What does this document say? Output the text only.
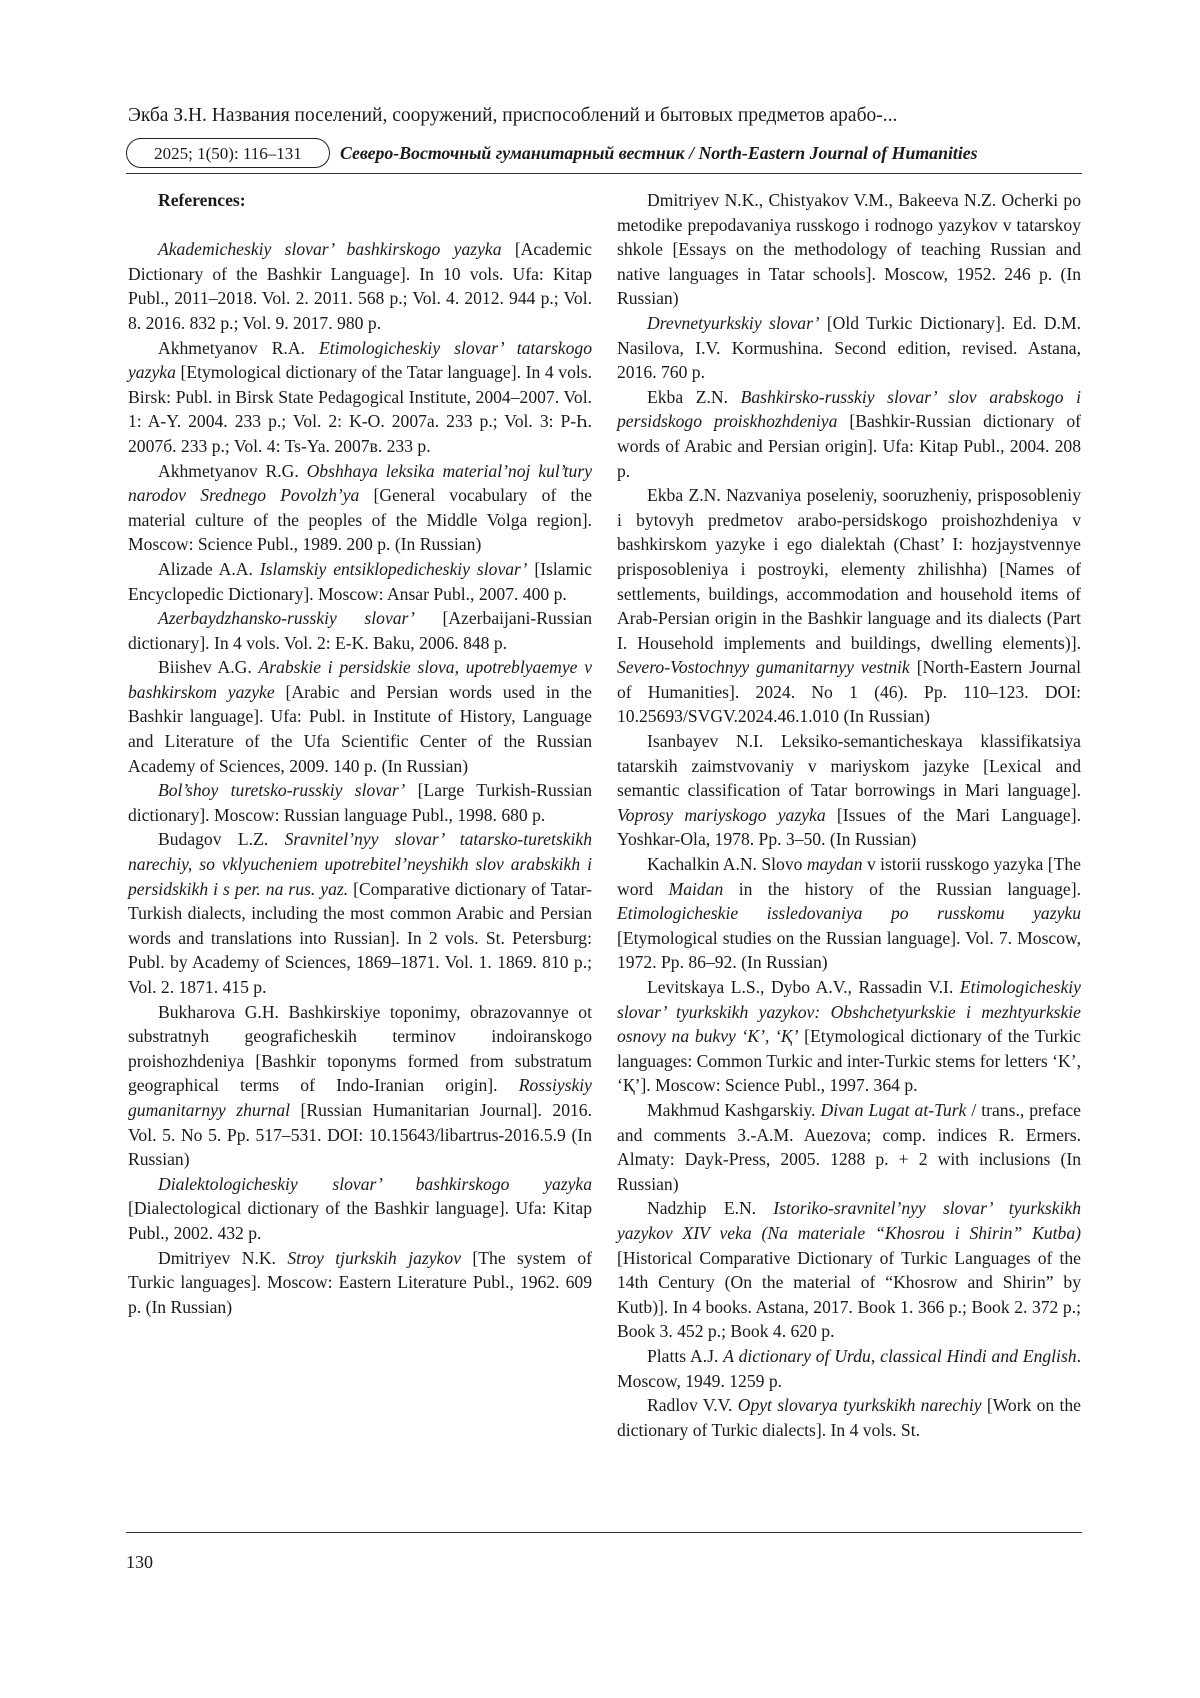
Экба З.Н. Названия поселений, сооружений, приспособлений и бытовых предметов арабо-...
2025; 1(50): 116–131	Северо-Восточный гуманитарный вестник / North-Eastern Journal of Humanities

References:

Akademicheskiy slovar’ bashkirskogo yazyka [Academic Dictionary of the Bashkir Language]. In 10 vols. Ufa: Kitap Publ., 2011–2018. Vol. 2. 2011. 568 p.; Vol. 4. 2012. 944 p.; Vol. 8. 2016. 832 p.; Vol. 9. 2017. 980 p.

Akhmetyanov R.A. Etimologicheskiy slovar’ tatarskogo yazyka [Etymological dictionary of the Tatar language]. In 4 vols. Birsk: Publ. in Birsk State Pedagogical Institute, 2004–2007. Vol. 1: A-Y. 2004. 233 p.; Vol. 2: K-O. 2007a. 233 p.; Vol. 3: P-Һ. 2007б. 233 p.; Vol. 4: Ts-Ya. 2007в. 233 p.

Akhmetyanov R.G. Obshhaya leksika material’noj kul’tury narodov Srednego Povolzh’ya [General vocabulary of the material culture of the peoples of the Middle Volga region]. Moscow: Science Publ., 1989. 200 p. (In Russian)

Alizade A.A. Islamskiy entsiklopedicheskiy slovar’ [Islamic Encyclopedic Dictionary]. Moscow: Ansar Publ., 2007. 400 p.

Azerbaydzhansko-russkiy slovar’ [Azerbaijani-Russian dictionary]. In 4 vols. Vol. 2: E-K. Baku, 2006. 848 p.

Biishev A.G. Arabskie i persidskie slova, upotreblyaemye v bashkirskom yazyke [Arabic and Persian words used in the Bashkir language]. Ufa: Publ. in Institute of History, Language and Literature of the Ufa Scientific Center of the Russian Academy of Sciences, 2009. 140 p. (In Russian)

Bol’shoy turetsko-russkiy slovar’ [Large Turkish-Russian dictionary]. Moscow: Russian language Publ., 1998. 680 p.

Budagov L.Z. Sravnitel’nyy slovar’ tatarsko-turetskikh narechiy, so vklyucheniem upotrebitel’neyshikh slov arabskikh i persidskikh i s per. na rus. yaz. [Comparative dictionary of Tatar-Turkish dialects, including the most common Arabic and Persian words and translations into Russian]. In 2 vols. St. Petersburg: Publ. by Academy of Sciences, 1869–1871. Vol. 1. 1869. 810 p.; Vol. 2. 1871. 415 p.

Bukharova G.H. Bashkirskiye toponimy, obrazovannye ot substratnyh geograficheskih terminov indoiranskogo proishozhdeniya [Bashkir toponyms formed from substratum geographical terms of Indo-Iranian origin]. Rossiyskiy gumanitarnyy zhurnal [Russian Humanitarian Journal]. 2016. Vol. 5. No 5. Pp. 517–531. DOI: 10.15643/libartrus-2016.5.9 (In Russian)

Dialektologicheskiy slovar’ bashkirskogo yazyka [Dialectological dictionary of the Bashkir language]. Ufa: Kitap Publ., 2002. 432 p.

Dmitriyev N.K. Stroy tjurkskih jazykov [The system of Turkic languages]. Moscow: Eastern Literature Publ., 1962. 609 p. (In Russian)

Dmitriyev N.K., Chistyakov V.M., Bakeeva N.Z. Ocherki po metodike prepodavaniya russkogo i rodnogo yazykov v tatarskoy shkole [Essays on the methodology of teaching Russian and native languages in Tatar schools]. Moscow, 1952. 246 p. (In Russian)

Drevnetyurkskiy slovar’ [Old Turkic Dictionary]. Ed. D.M. Nasilova, I.V. Kormushina. Second edition, revised. Astana, 2016. 760 p.

Ekba Z.N. Bashkirsko-russkiy slovar’ slov arabskogo i persidskogo proiskhozhdeniya [Bashkir-Russian dictionary of words of Arabic and Persian origin]. Ufa: Kitap Publ., 2004. 208 p.

Ekba Z.N. Nazvaniya poseleniy, sooruzheniy, prisposobleniy i bytovyh predmetov arabo-persidskogo proishozhdeniya v bashkirskom yazyke i ego dialektah (Chast’ I: hozjaystvennye prisposobleniya i postroyki, elementy zhilishha) [Names of settlements, buildings, accommodation and household items of Arab-Persian origin in the Bashkir language and its dialects (Part I. Household implements and buildings, dwelling elements)]. Severo-Vostochnyy gumanitarnyy vestnik [North-Eastern Journal of Humanities]. 2024. No 1 (46). Pp. 110–123. DOI: 10.25693/SVGV.2024.46.1.010 (In Russian)

Isanbayev N.I. Leksiko-semanticheskaya klassifikatsiya tatarskih zaimstvovaniy v mariyskom jazyke [Lexical and semantic classification of Tatar borrowings in Mari language]. Voprosy mariyskogo yazyka [Issues of the Mari Language]. Yoshkar-Ola, 1978. Pp. 3–50. (In Russian)

Kachalkin A.N. Slovo maydan v istorii russkogo yazyka [The word Maidan in the history of the Russian language]. Etimologicheskie issledovaniya po russkomu yazyku [Etymological studies on the Russian language]. Vol. 7. Moscow, 1972. Pp. 86–92. (In Russian)

Levitskaya L.S., Dybo A.V., Rassadin V.I. Etimologicheskiy slovar’ tyurkskikh yazykov: Obshchetyurkskie i mezhtyurkskie osnovy na bukvy ‘K’, ‘Қ’ [Etymological dictionary of the Turkic languages: Common Turkic and inter-Turkic stems for letters ‘K’, ‘Қ’]. Moscow: Science Publ., 1997. 364 p.

Makhmud Kashgarskiy. Divan Lugat at-Turk / trans., preface and comments З.-A.M. Auezova; comp. indices R. Ermers. Almaty: Dayk-Press, 2005. 1288 p. + 2 with inclusions (In Russian)

Nadzhip E.N. Istoriko-sravnitel’nyy slovar’ tyurkskikh yazykov XIV veka (Na materiale “Khosrou i Shirin” Kutba) [Historical Comparative Dictionary of Turkic Languages of the 14th Century (On the material of “Khosrow and Shirin” by Kutb)]. In 4 books. Astana, 2017. Book 1. 366 p.; Book 2. 372 p.; Book 3. 452 p.; Book 4. 620 p.

Platts A.J. A dictionary of Urdu, classical Hindi and English. Moscow, 1949. 1259 p.

Radlov V.V. Opyt slovarya tyurkskikh narechiy [Work on the dictionary of Turkic dialects]. In 4 vols. St.

130
